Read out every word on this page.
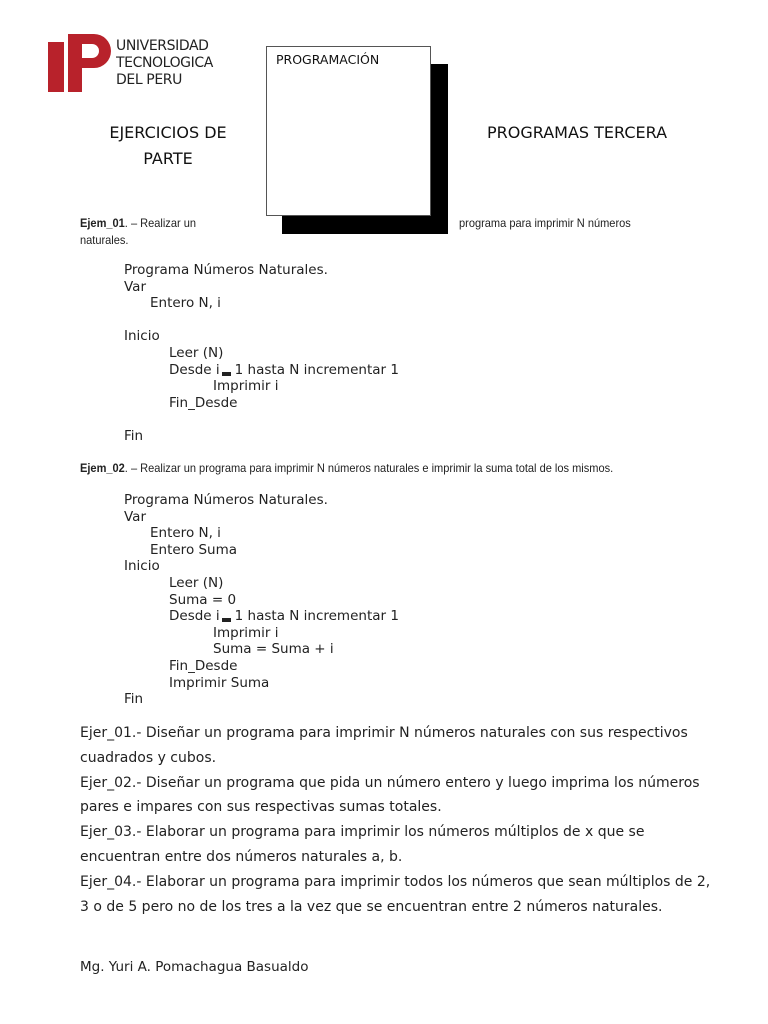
UNIVERSIDAD
TECNOLOGICA
DEL PERU
PROGRAMACIÓN
EJERCICIOS DE PARTE
PROGRAMAS TERCERA
Ejem_01. – Realizar un	programa para imprimir N números
naturales.
Programa Números Naturales.
Var
Entero N, i
Inicio
Leer (N)
Desde i 1 hasta N incrementar 1
Imprimir i
Fin_Desde
Fin
Ejem_02. – Realizar un programa para imprimir N números naturales e imprimir la suma total de los mismos.
Programa Números Naturales.
Var
Entero N, i
Entero Suma
Inicio
Leer (N)
Suma = 0
Desde i 1 hasta N incrementar 1
Imprimir i
Suma = Suma + i
Fin_Desde
Imprimir Suma
Fin

Ejer_01.- Diseñar un programa para imprimir N números naturales con sus respectivos cuadrados y cubos.

Ejer_02.- Diseñar un programa que pida un número entero y luego imprima los números pares e impares con sus respectivas sumas totales.

Ejer_03.- Elaborar un programa para imprimir los números múltiplos de x que se encuentran entre dos números naturales a, b.

Ejer_04.- Elaborar un programa para imprimir todos los números que sean múltiplos de 2, 3 o de 5 pero no de los tres a la vez que se encuentran entre 2 números naturales.

Mg. Yuri A. Pomachagua Basualdo
